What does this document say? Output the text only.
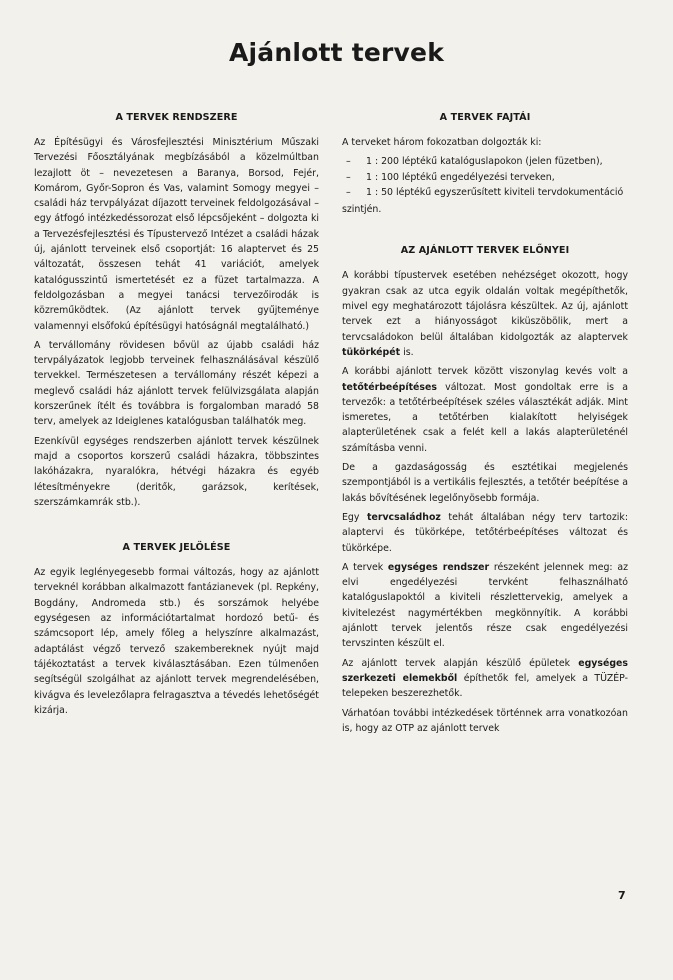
Ajánlott tervek
A TERVEK RENDSZERE

Az Építésügyi és Városfejlesztési Minisztérium Műszaki Tervezési Főosztályának megbízásából a közelmúltban lezajlott öt – nevezetesen a Baranya, Borsod, Fejér, Komárom, Győr-Sopron és Vas, valamint Somogy megyei – családi ház tervpályázat díjazott terveinek feldolgozásával – egy átfogó intézkedéssorozat első lépcsőjeként – dolgozta ki a Tervezésfejlesztési és Típustervező Intézet a családi házak új, ajánlott terveinek első csoportját: 16 alaptervet és 25 változatát, összesen tehát 41 variációt, amelyek katalógusszintű ismertetését ez a füzet tartalmazza. A feldolgozásban a megyei tanácsi tervezőirodák is közreműködtek. (Az ajánlott tervek gyűjteménye valamennyi elsőfokú építésügyi hatóságnál megtalálható.)

A tervállomány rövidesen bővül az újabb családi ház tervpályázatok legjobb terveinek felhasználásával készülő tervekkel. Természetesen a tervállomány részét képezi a meglevő családi ház ajánlott tervek felülvizsgálata alapján korszerűnek ítélt és továbbra is forgalomban maradó 58 terv, amelyek az Ideiglenes katalógusban találhatók meg.

Ezenkívül egységes rendszerben ajánlott tervek készülnek majd a csoportos korszerű családi házakra, többszintes lakóházakra, nyaralókra, hétvégi házakra és egyéb létesítményekre (deritők, garázsok, kerítések, szerszámkamrák stb.).

A TERVEK JELÖLÉSE

Az egyik leglényegesebb formai változás, hogy az ajánlott terveknél korábban alkalmazott fantázianevek (pl. Repkény, Bogdány, Andromeda stb.) és sorszámok helyébe egységesen az információtartalmat hordozó betű- és számcsoport lép, amely főleg a helyszínre alkalmazást, adaptálást végző tervező szakembereknek nyújt majd tájékoztatást a tervek kiválasztásában. Ezen túlmenően segítségül szolgálhat az ajánlott tervek megrendelésében, kivágva és levelezőlapra felragasztva a tévedés lehetőségét kizárja.

A TERVEK FAJTÁI

A terveket három fokozatban dolgozták ki:

– 1 : 200 léptékű katalóguslapokon (jelen füzetben),
– 1 : 100 léptékű engedélyezési terveken,
– 1 : 50 léptékű egyszerűsített kiviteli tervdokumentáció

szintjén.

AZ AJÁNLOTT TERVEK ELŐNYEI

A korábbi típustervek esetében nehézséget okozott, hogy gyakran csak az utca egyik oldalán voltak megépíthetők, mivel egy meghatározott tájolásra készültek. Az új, ajánlott tervek ezt a hiányosságot kiküszöbölik, mert a tervcsaládokon belül általában kidolgozták az alaptervek tükörképét is.

A korábbi ajánlott tervek között viszonylag kevés volt a tetőtérbeépítéses változat. Most gondoltak erre is a tervezők: a tetőtérbeépítések széles választékát adják. Mint ismeretes, a tetőtérben kialakított helyiségek alapterületének csak a felét kell a lakás alapterületénél számításba venni.

De a gazdaságosság és esztétikai megjelenés szempontjából is a vertikális fejlesztés, a tetőtér beépítése a lakás bővítésének legelőnyösebb formája.

Egy tervcsaládhoz tehát általában négy terv tartozik: alaptervi és tükörképe, tetőtérbeépítéses változat és tükörképe.

A tervek egységes rendszer részeként jelennek meg: az elvi engedélyezési tervként felhasználható katalóguslapoktól a kiviteli részlettervekig, amelyek a kivitelezést nagymértékben megkönnyítik. A korábbi ajánlott tervek jelentős része csak engedélyezési tervszinten készült el.

Az ajánlott tervek alapján készülő épületek egységes szerkezeti elemekből építhetők fel, amelyek a TÜZÉP-telepeken beszerezhetők.

Várhatóan további intézkedések történnek arra vonatkozóan is, hogy az OTP az ajánlott tervek

7
